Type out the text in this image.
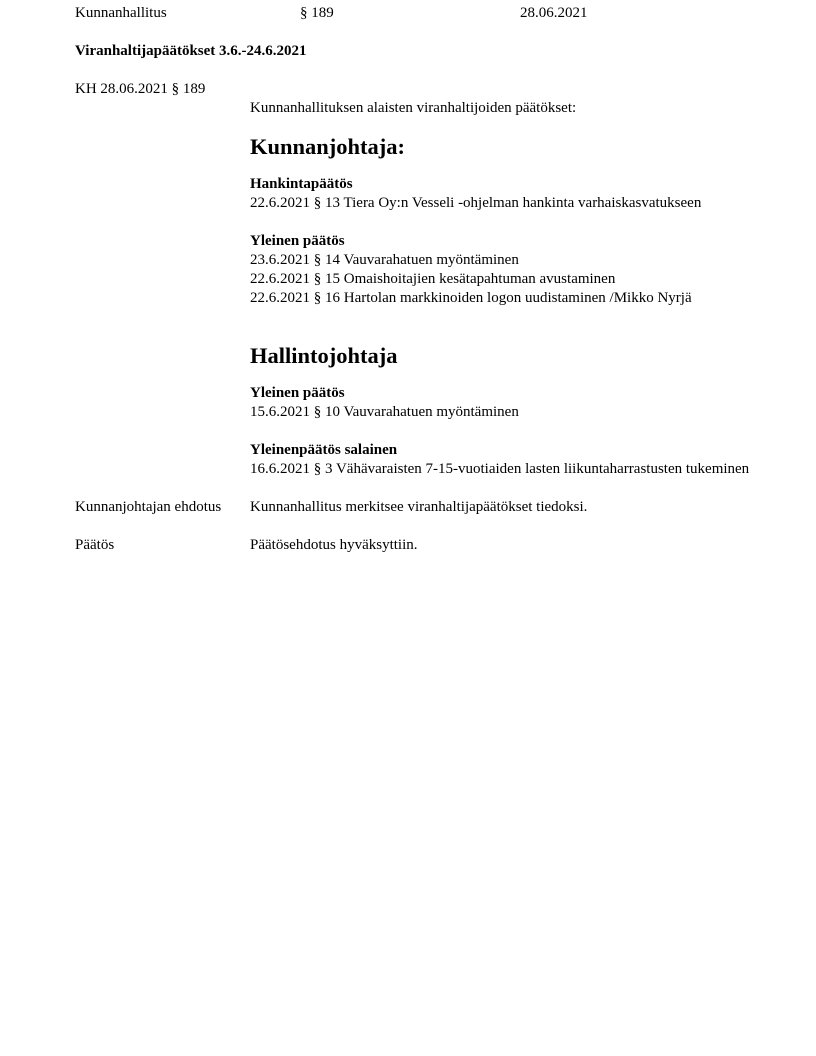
Kunnanhallitus	§ 189	28.06.2021
Viranhaltijapäätökset 3.6.-24.6.2021
KH 28.06.2021 § 189

Kunnanhallituksen alaisten viranhaltijoiden päätökset:

Kunnanjohtaja:
Hankintapäätös
22.6.2021 § 13 Tiera Oy:n Vesseli -ohjelman hankinta varhaiskasvatukseen
Yleinen päätös
23.6.2021 § 14 Vauvarahatuen myöntäminen
22.6.2021 § 15 Omaishoitajien kesätapahtuman avustaminen
22.6.2021 § 16 Hartolan markkinoiden logon uudistaminen /Mikko Nyrjä
Hallintojohtaja
Yleinen päätös
15.6.2021 § 10 Vauvarahatuen myöntäminen
Yleinenpäätös salainen
16.6.2021 § 3 Vähävaraisten 7-15-vuotiaiden lasten liikuntaharrastusten tukeminen
Kunnanjohtajan ehdotus	Kunnanhallitus merkitsee viranhaltijapäätökset tiedoksi.
Päätös	Päätösehdotus hyväksyttiin.
